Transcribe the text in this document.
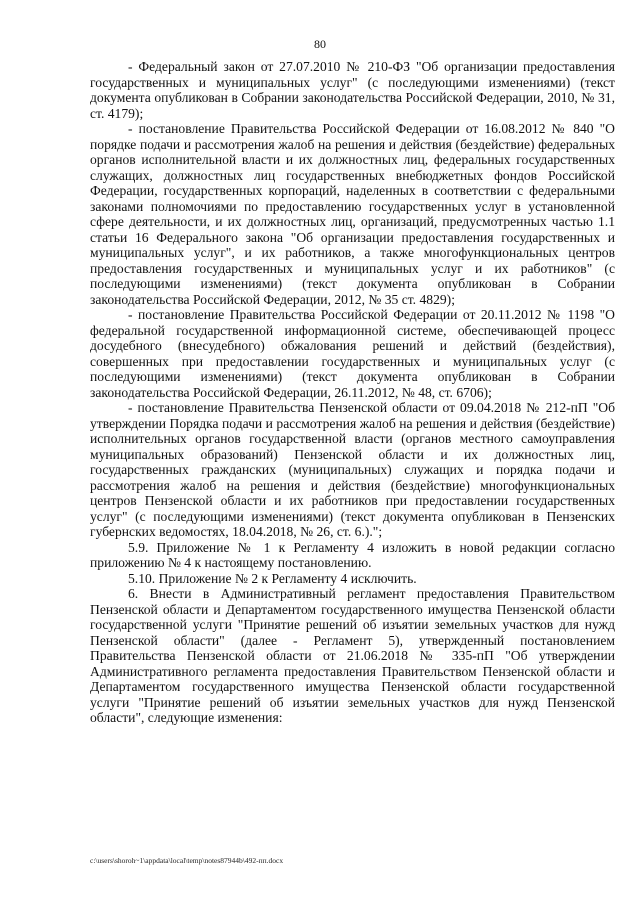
80

- Федеральный закон от 27.07.2010 № 210-ФЗ "Об организации предоставления государственных и муниципальных услуг" (с последующими изменениями) (текст документа опубликован в Собрании законодательства Российской Федерации, 2010, № 31, ст. 4179);

- постановление Правительства Российской Федерации от 16.08.2012 № 840 "О порядке подачи и рассмотрения жалоб на решения и действия (бездействие) федеральных органов исполнительной власти и их должностных лиц, федеральных государственных служащих, должностных лиц государственных внебюджетных фондов Российской Федерации, государственных корпораций, наделенных в соответствии с федеральными законами полномочиями по предоставлению государственных услуг в установленной сфере деятельности, и их должностных лиц, организаций, предусмотренных частью 1.1 статьи 16 Федерального закона "Об организации предоставления государственных и муниципальных услуг", и их работников, а также многофункциональных центров предоставления государственных и муниципальных услуг и их работников" (с последующими изменениями) (текст документа опубликован в Собрании законодательства Российской Федерации, 2012, № 35 ст. 4829);

- постановление Правительства Российской Федерации от 20.11.2012 № 1198 "О федеральной государственной информационной системе, обеспечивающей процесс досудебного (внесудебного) обжалования решений и действий (бездействия), совершенных при предоставлении государственных и муниципальных услуг (с последующими изменениями) (текст документа опубликован в Собрании законодательства Российской Федерации, 26.11.2012, № 48, ст. 6706);

- постановление Правительства Пензенской области от 09.04.2018 № 212-пП "Об утверждении Порядка подачи и рассмотрения жалоб на решения и действия (бездействие) исполнительных органов государственной власти (органов местного самоуправления муниципальных образований) Пензенской области и их должностных лиц, государственных гражданских (муниципальных) служащих и порядка подачи и рассмотрения жалоб на решения и действия (бездействие) многофункциональных центров Пензенской области и их работников при предоставлении государственных услуг" (с последующими изменениями) (текст документа опубликован в Пензенских губернских ведомостях, 18.04.2018, № 26, ст. 6.).";

5.9. Приложение № 1 к Регламенту 4 изложить в новой редакции согласно приложению № 4 к настоящему постановлению.

5.10. Приложение № 2 к Регламенту 4 исключить.

6. Внести в Административный регламент предоставления Правительством Пензенской области и Департаментом государственного имущества Пензенской области государственной услуги "Принятие решений об изъятии земельных участков для нужд Пензенской области" (далее - Регламент 5), утвержденный постановлением Правительства Пензенской области от 21.06.2018 № 335-пП "Об утверждении Административного регламента предоставления Правительством Пензенской области и Департаментом государственного имущества Пензенской области государственной услуги "Принятие решений об изъятии земельных участков для нужд Пензенской области", следующие изменения:

c:\users\shoroh~1\appdata\local\temp\notes87944b\492-пп.docx
